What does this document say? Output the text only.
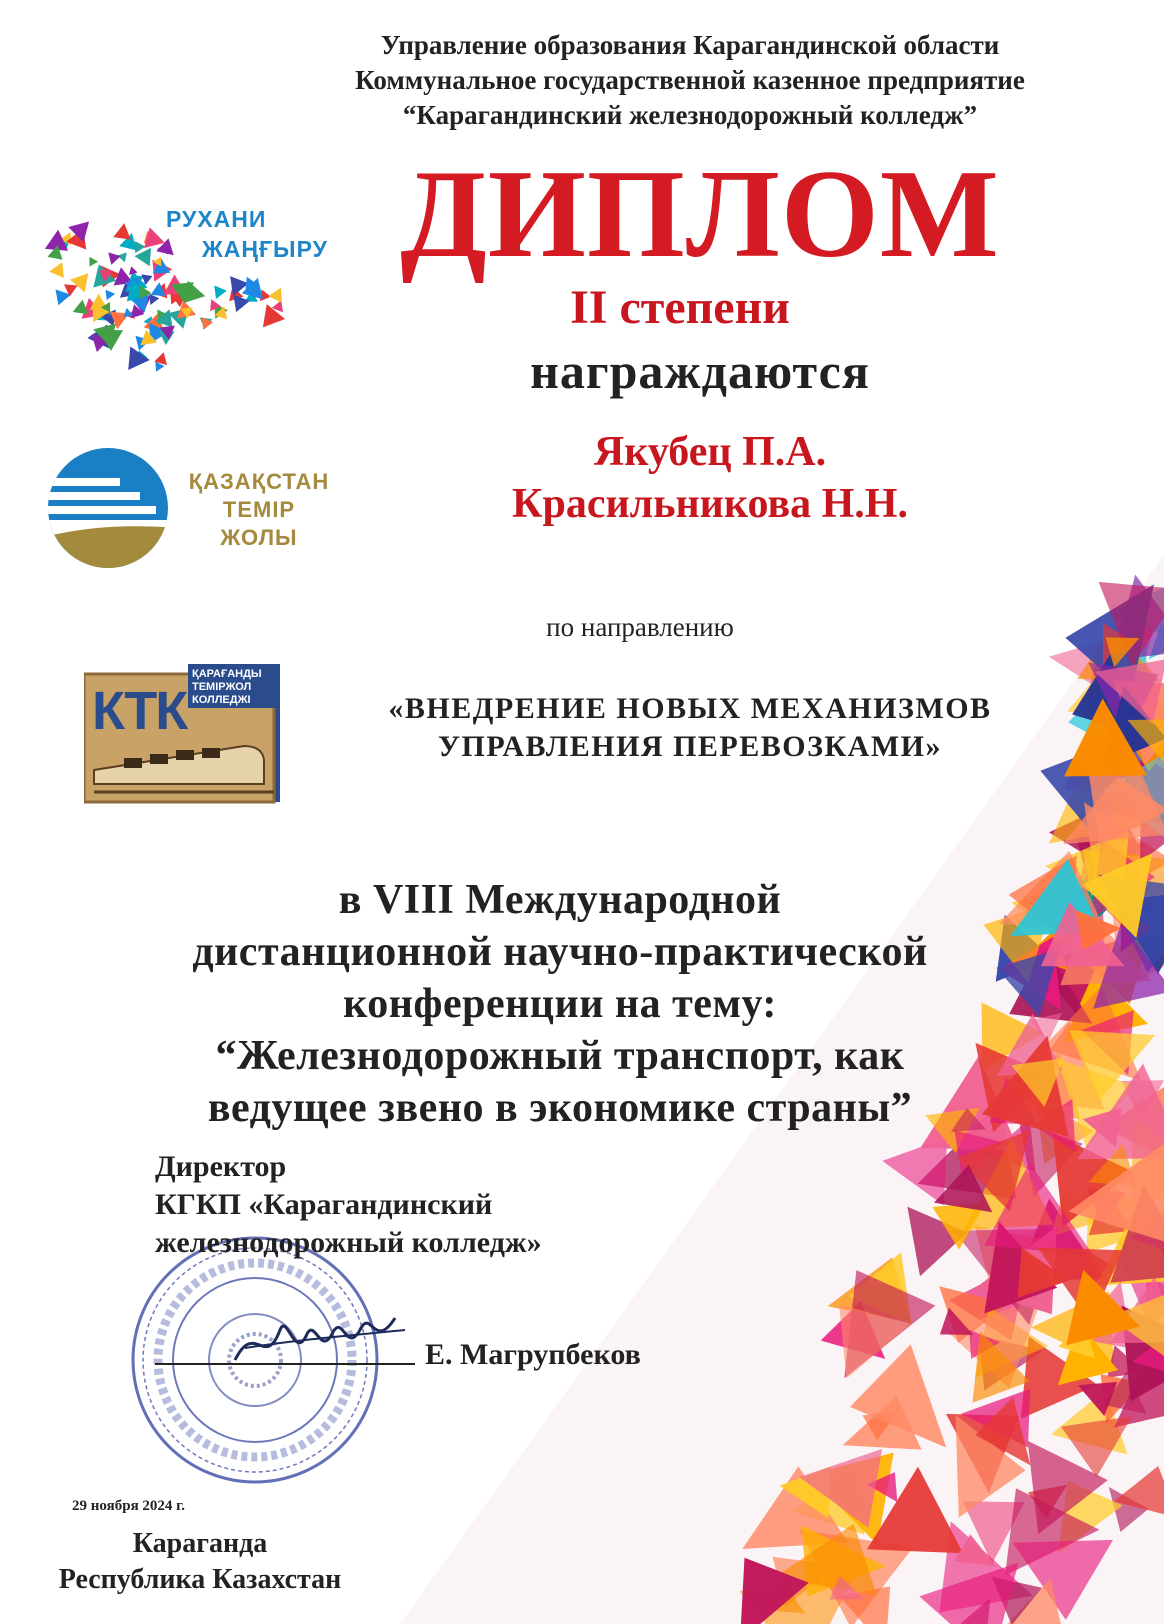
Управление образования Карагандинской области
Коммунальное государственной казенное предприятие
“Карагандинский железнодорожный колледж”
РУХАНИ
ЖАҢҒЫРУ
ҚАЗАҚСТАН
ТЕМІР
ЖОЛЫ
КТК
ҚАРАҒАНДЫ
ТЕМІРЖОЛ
КОЛЛЕДЖІ
ДИПЛОМ
II степени
награждаются
Якубец П.А.
Красильникова Н.Н.
по направлению
«ВНЕДРЕНИЕ НОВЫХ МЕХАНИЗМОВ
УПРАВЛЕНИЯ ПЕРЕВОЗКАМИ»
в VIII Международной
дистанционной научно-практической
конференции на тему:
“Железнодорожный транспорт, как
ведущее звено в экономике страны”
Директор
КГКП «Карагандинский
железнодорожный колледж»
Е. Магрупбеков
29 ноября 2024 г.
Караганда
Республика Казахстан
